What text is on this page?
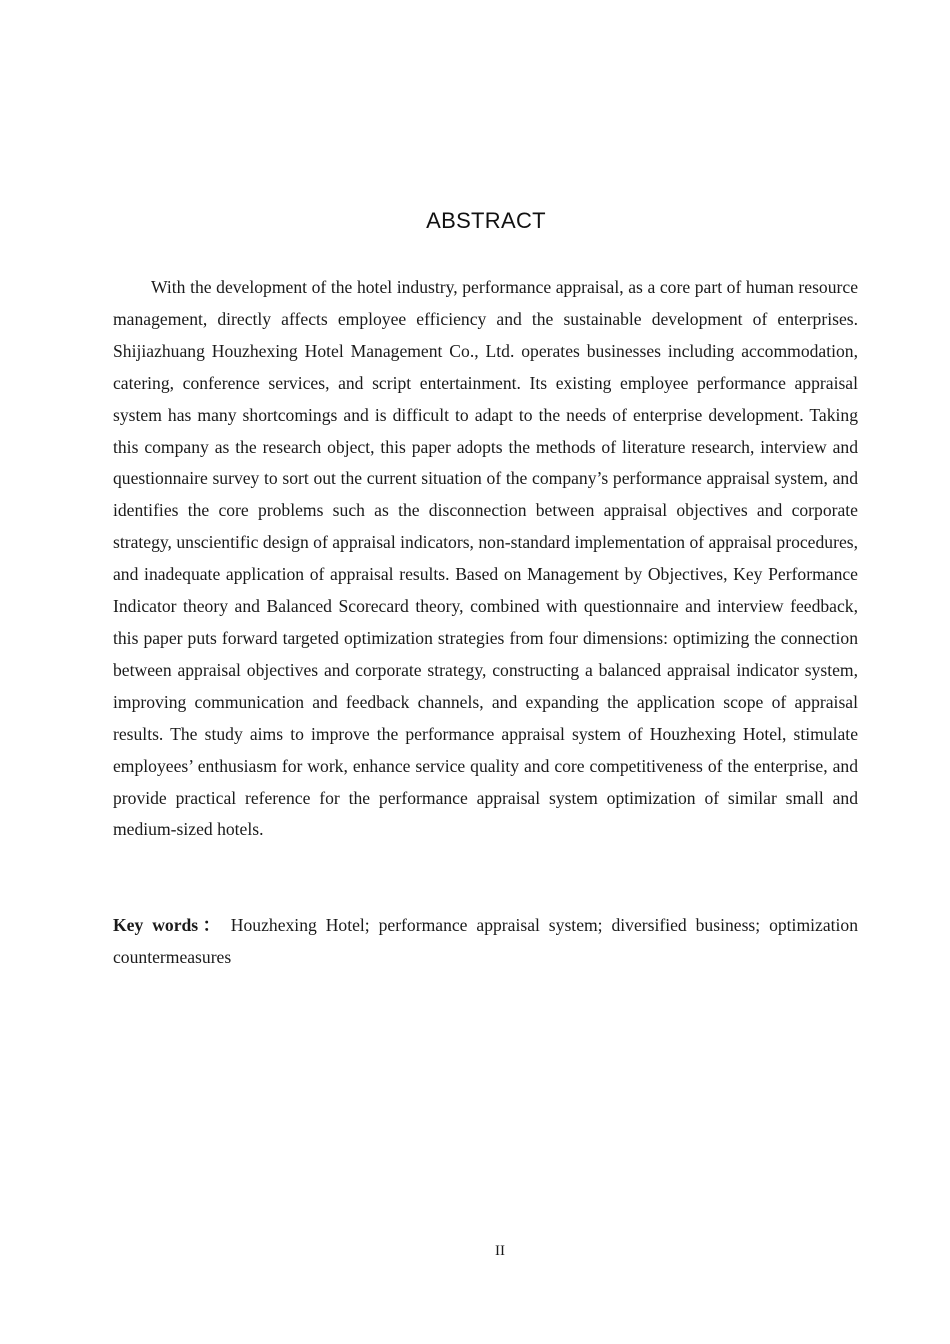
ABSTRACT

With the development of the hotel industry, performance appraisal, as a core part of human resource management, directly affects employee efficiency and the sustainable development of enterprises. Shijiazhuang Houzhexing Hotel Management Co., Ltd. operates businesses including accommodation, catering, conference services, and script entertainment. Its existing employee performance appraisal system has many shortcomings and is difficult to adapt to the needs of enterprise development. Taking this company as the research object, this paper adopts the methods of literature research, interview and questionnaire survey to sort out the current situation of the company’s performance appraisal system, and identifies the core problems such as the disconnection between appraisal objectives and corporate strategy, unscientific design of appraisal indicators, non-standard implementation of appraisal procedures, and inadequate application of appraisal results. Based on Management by Objectives, Key Performance Indicator theory and Balanced Scorecard theory, combined with questionnaire and interview feedback, this paper puts forward targeted optimization strategies from four dimensions: optimizing the connection between appraisal objectives and corporate strategy, constructing a balanced appraisal indicator system, improving communication and feedback channels, and expanding the application scope of appraisal results. The study aims to improve the performance appraisal system of Houzhexing Hotel, stimulate employees’ enthusiasm for work, enhance service quality and core competitiveness of the enterprise, and provide practical reference for the performance appraisal system optimization of similar small and medium-sized hotels.

Key words： Houzhexing Hotel; performance appraisal system; diversified business; optimization countermeasures

II
